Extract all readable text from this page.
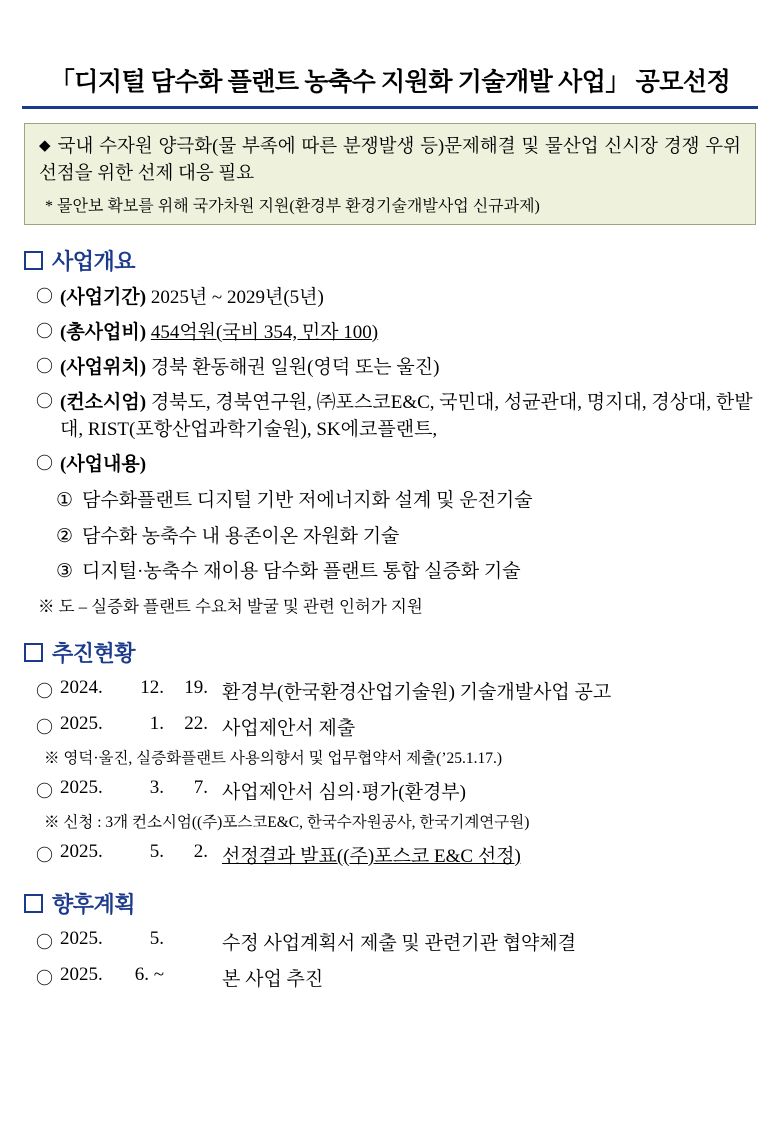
「디지털 담수화 플랜트 농축수 지원화 기술개발 사업」 공모선정
◆ 국내 수자원 양극화(물 부족에 따른 분쟁발생 등)문제해결 및 물산업 신시장 경쟁 우위 선점을 위한 선제 대응 필요
* 물안보 확보를 위해 국가차원 지원(환경부 환경기술개발사업 신규과제)
사업개요
〇 (사업기간) 2025년 ~ 2029년(5년)
〇 (총사업비) 454억원(국비 354, 민자 100)
〇 (사업위치) 경북 환동해권 일원(영덕 또는 울진)
〇 (컨소시엄) 경북도, 경북연구원, ㈜포스코E&C, 국민대, 성균관대, 명지대, 경상대, 한밭대, RIST(포항산업과학기술원), SK에코플랜트,
〇 (사업내용)
① 담수화플랜트 디지털 기반 저에너지화 설계 및 운전기술
② 담수화 농축수 내 용존이온 자원화 기술
③ 디지털·농축수 재이용 담수화 플랜트 통합 실증화 기술
※ 도 – 실증화 플랜트 수요처 발굴 및 관련 인허가 지원
추진현황
〇 2024.	12.	19. 환경부(한국환경산업기술원) 기술개발사업 공고
〇 2025.	1.	22. 사업제안서 제출
※ 영덕·울진, 실증화플랜트 사용의향서 및 업무협약서 제출(’25.1.17.)
〇 2025.	3.	7. 사업제안서 심의·평가(환경부)
※ 신청 : 3개 컨소시엄((주)포스코E&C, 한국수자원공사, 한국기계연구원)
〇 2025.	5.	2. 선정결과 발표((주)포스코 E&C 선정)
향후계획
〇 2025.	5.	수정 사업계획서 제출 및 관련기관 협약체결
〇 2025.	6. ~	본 사업 추진
